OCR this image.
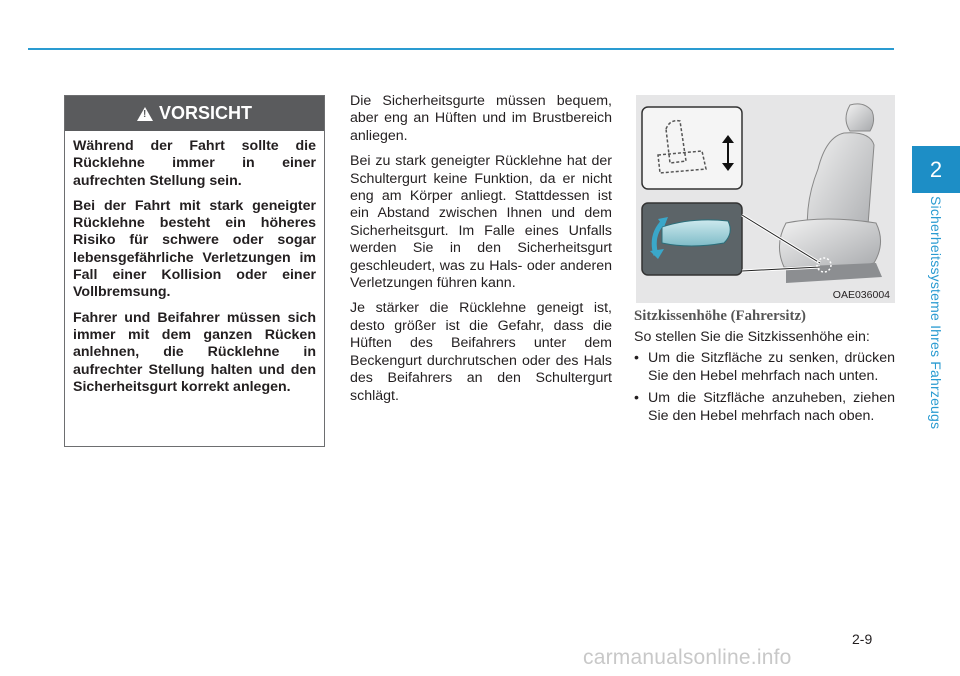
2
Sicherheitssysteme Ihres Fahrzeugs
!
VORSICHT

Während der Fahrt sollte die Rücklehne immer in einer aufrechten Stellung sein.

Bei der Fahrt mit stark geneigter Rücklehne besteht ein höheres Risiko für schwere oder sogar lebensgefährliche Verletzungen im Fall einer Kollision oder einer Vollbremsung.

Fahrer und Beifahrer müssen sich immer mit dem ganzen Rücken anlehnen, die Rücklehne in aufrechter Stellung halten und den Sicherheitsgurt korrekt anlegen.

Die Sicherheitsgurte müssen bequem, aber eng an Hüften und im Brustbereich anliegen.

Bei zu stark geneigter Rücklehne hat der Schultergurt keine Funktion, da er nicht eng am Körper anliegt. Stattdessen ist ein Abstand zwischen Ihnen und dem Sicherheitsgurt. Im Falle eines Unfalls werden Sie in den Sicherheitsgurt geschleudert, was zu Hals- oder anderen Verletzungen führen kann.

Je stärker die Rücklehne geneigt ist, desto größer ist die Gefahr, dass die Hüften des Beifahrers unter dem Beckengurt durchrutschen oder des Hals des Beifahrers an den Schultergurt schlägt.

OAE036004
Sitzkissenhöhe (Fahrersitz)

So stellen Sie die Sitzkissenhöhe ein:

• Um die Sitzfläche zu senken, drücken Sie den Hebel mehrfach nach unten.
• Um die Sitzfläche anzuheben, ziehen Sie den Hebel mehrfach nach oben.
2-9
carmanualsonline.info
